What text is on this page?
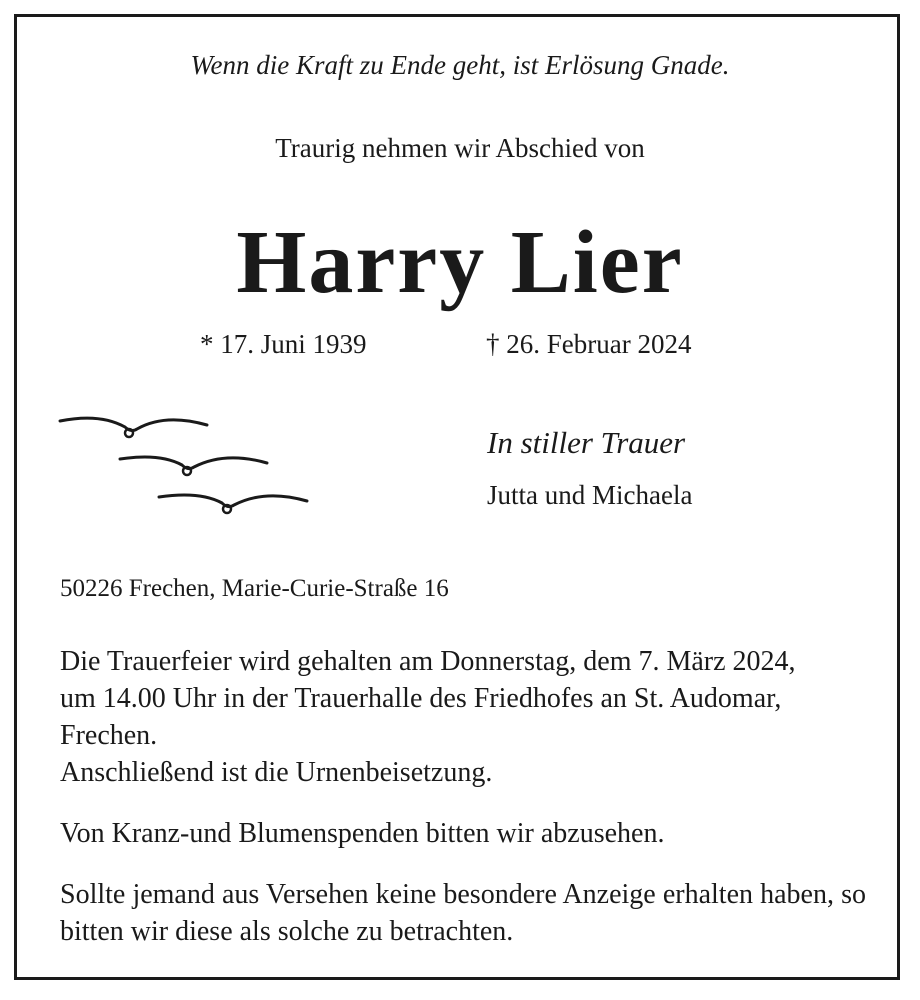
Wenn die Kraft zu Ende geht, ist Erlösung Gnade.
Traurig nehmen wir Abschied von
Harry Lier
* 17. Juni 1939	† 26. Februar 2024
In stiller Trauer
Jutta und Michaela
50226 Frechen, Marie-Curie-Straße 16
Die Trauerfeier wird gehalten am Donnerstag, dem 7. März 2024,
um 14.00 Uhr in der Trauerhalle des Friedhofes an St. Audomar,
Frechen.
Anschließend ist die Urnenbeisetzung.
Von Kranz-und Blumenspenden bitten wir abzusehen.
Sollte jemand aus Versehen keine besondere Anzeige erhalten haben, so bitten wir diese als solche zu betrachten.
